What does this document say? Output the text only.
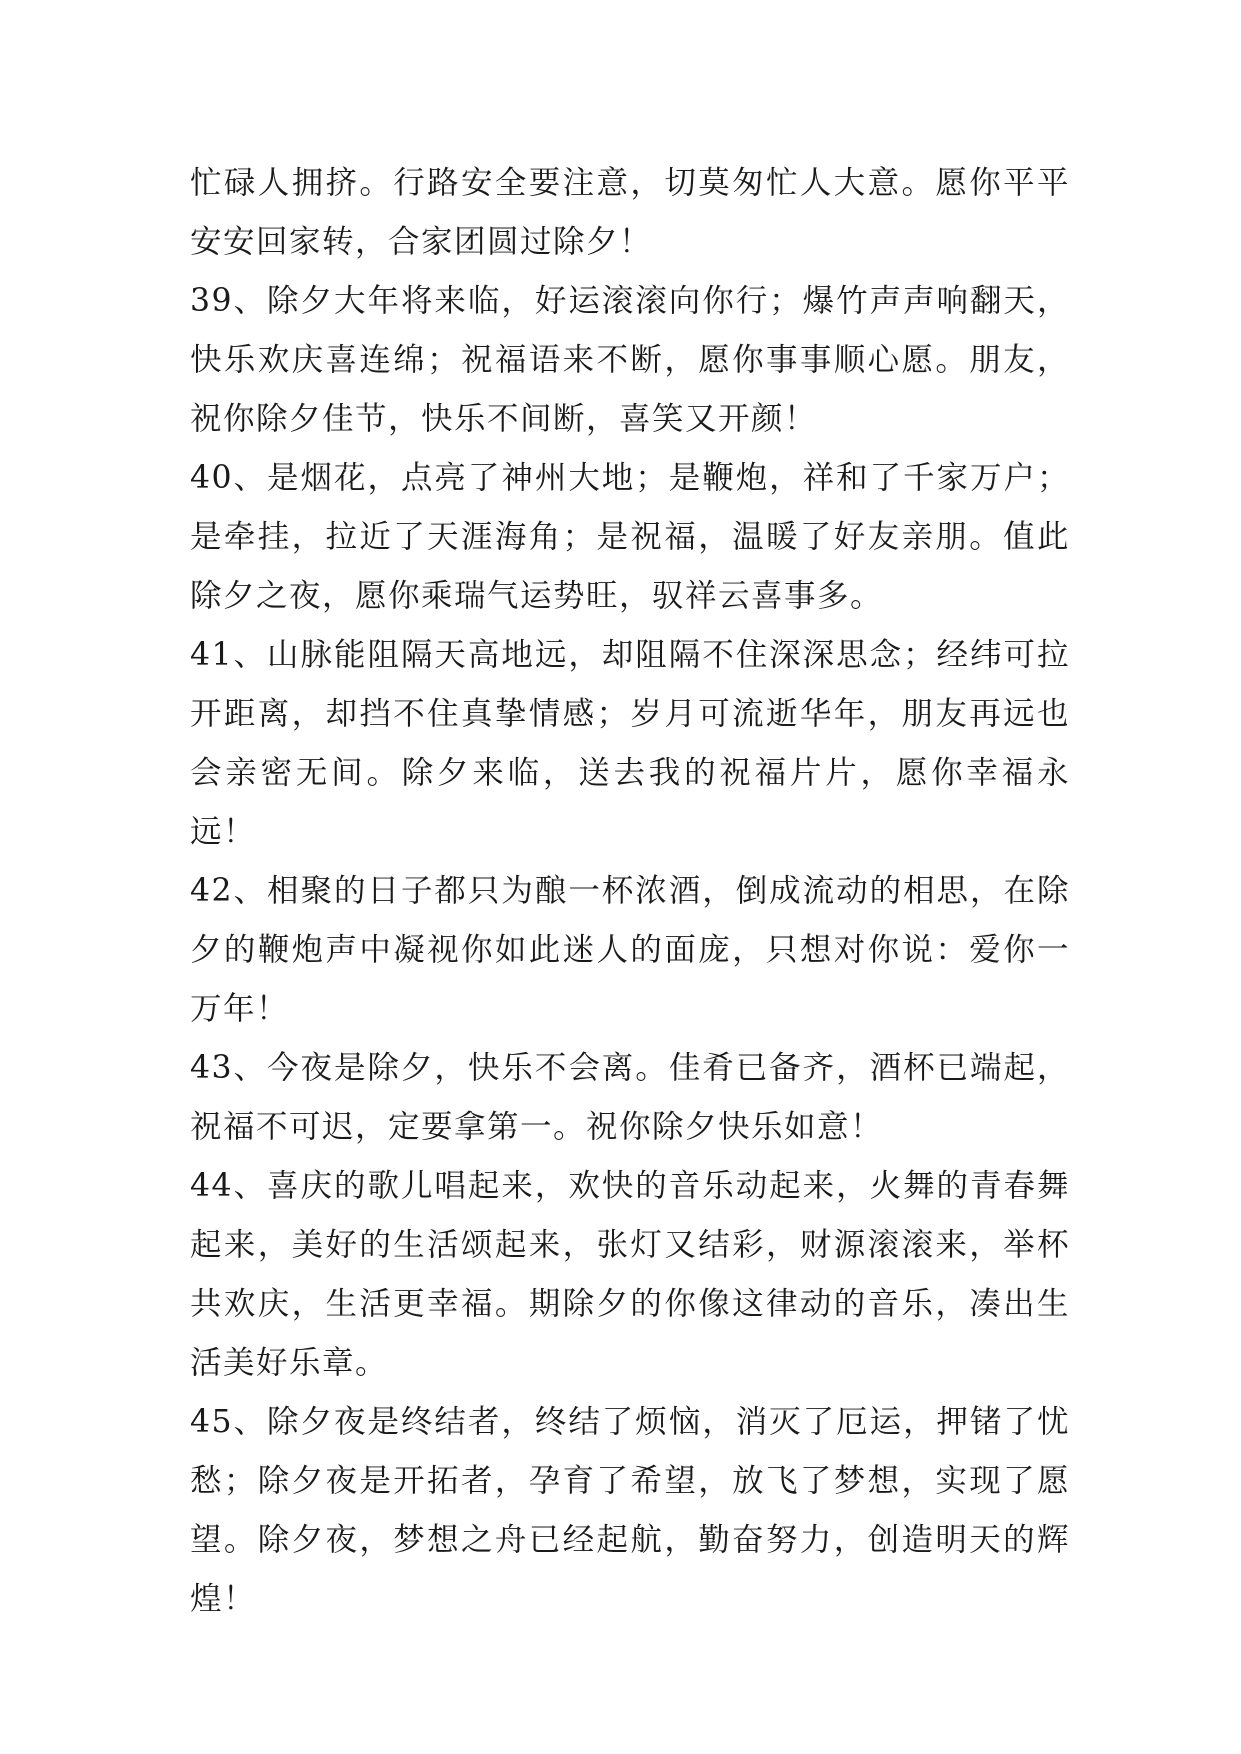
忙碌人拥挤。行路安全要注意，切莫匆忙人大意。愿你平平安安回家转，合家团圆过除夕！

39、除夕大年将来临，好运滚滚向你行；爆竹声声响翻天，快乐欢庆喜连绵；祝福语来不断，愿你事事顺心愿。朋友，祝你除夕佳节，快乐不间断，喜笑又开颜！

40、是烟花，点亮了神州大地；是鞭炮，祥和了千家万户；是牵挂，拉近了天涯海角；是祝福，温暖了好友亲朋。值此除夕之夜，愿你乘瑞气运势旺，驭祥云喜事多。

41、山脉能阻隔天高地远，却阻隔不住深深思念；经纬可拉开距离，却挡不住真挚情感；岁月可流逝华年，朋友再远也会亲密无间。除夕来临，送去我的祝福片片，愿你幸福永远！

42、相聚的日子都只为酿一杯浓酒，倒成流动的相思，在除夕的鞭炮声中凝视你如此迷人的面庞，只想对你说：爱你一万年！

43、今夜是除夕，快乐不会离。佳肴已备齐，酒杯已端起，祝福不可迟，定要拿第一。祝你除夕快乐如意！

44、喜庆的歌儿唱起来，欢快的音乐动起来，火舞的青春舞起来，美好的生活颂起来，张灯又结彩，财源滚滚来，举杯共欢庆，生活更幸福。期除夕的你像这律动的音乐，凑出生活美好乐章。

45、除夕夜是终结者，终结了烦恼，消灭了厄运，押锗了忧愁；除夕夜是开拓者，孕育了希望，放飞了梦想，实现了愿望。除夕夜，梦想之舟已经起航，勤奋努力，创造明天的辉煌！
